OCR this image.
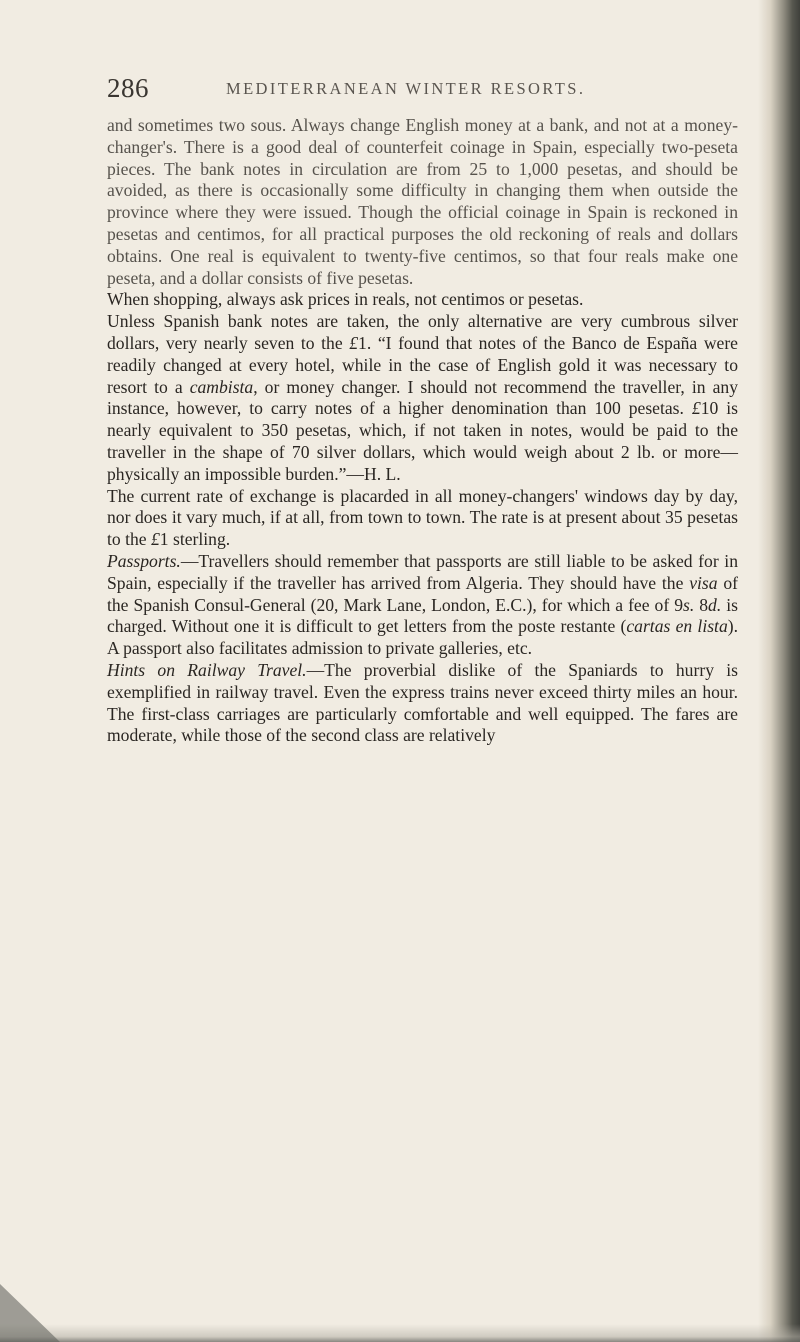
286	MEDITERRANEAN WINTER RESORTS.

and sometimes two sous. Always change English money at a bank, and not at a money-changer's. There is a good deal of counterfeit coinage in Spain, especially two-peseta pieces. The bank notes in circulation are from 25 to 1,000 pesetas, and should be avoided, as there is occasionally some difficulty in changing them when outside the province where they were issued. Though the official coinage in Spain is reckoned in pesetas and centimos, for all practical purposes the old reckoning of reals and dollars obtains. One real is equivalent to twenty-five centimos, so that four reals make one peseta, and a dollar consists of five pesetas.

When shopping, always ask prices in reals, not centimos or pesetas.

Unless Spanish bank notes are taken, the only alternative are very cumbrous silver dollars, very nearly seven to the £1. “I found that notes of the Banco de España were readily changed at every hotel, while in the case of English gold it was necessary to resort to a cambista, or money changer. I should not recommend the traveller, in any instance, however, to carry notes of a higher denomination than 100 pesetas. £10 is nearly equivalent to 350 pesetas, which, if not taken in notes, would be paid to the traveller in the shape of 70 silver dollars, which would weigh about 2 lb. or more—physically an impossible burden.”—H. L.

The current rate of exchange is placarded in all money-changers' windows day by day, nor does it vary much, if at all, from town to town. The rate is at present about 35 pesetas to the £1 sterling.

Passports.—Travellers should remember that passports are still liable to be asked for in Spain, especially if the traveller has arrived from Algeria. They should have the visa of the Spanish Consul-General (20, Mark Lane, London, E.C.), for which a fee of 9s. 8d. is charged. Without one it is difficult to get letters from the poste restante (cartas en lista). A passport also facilitates admission to private galleries, etc.

Hints on Railway Travel.—The proverbial dislike of the Spaniards to hurry is exemplified in railway travel. Even the express trains never exceed thirty miles an hour. The first-class carriages are particularly comfortable and well equipped. The fares are moderate, while those of the second class are relatively
